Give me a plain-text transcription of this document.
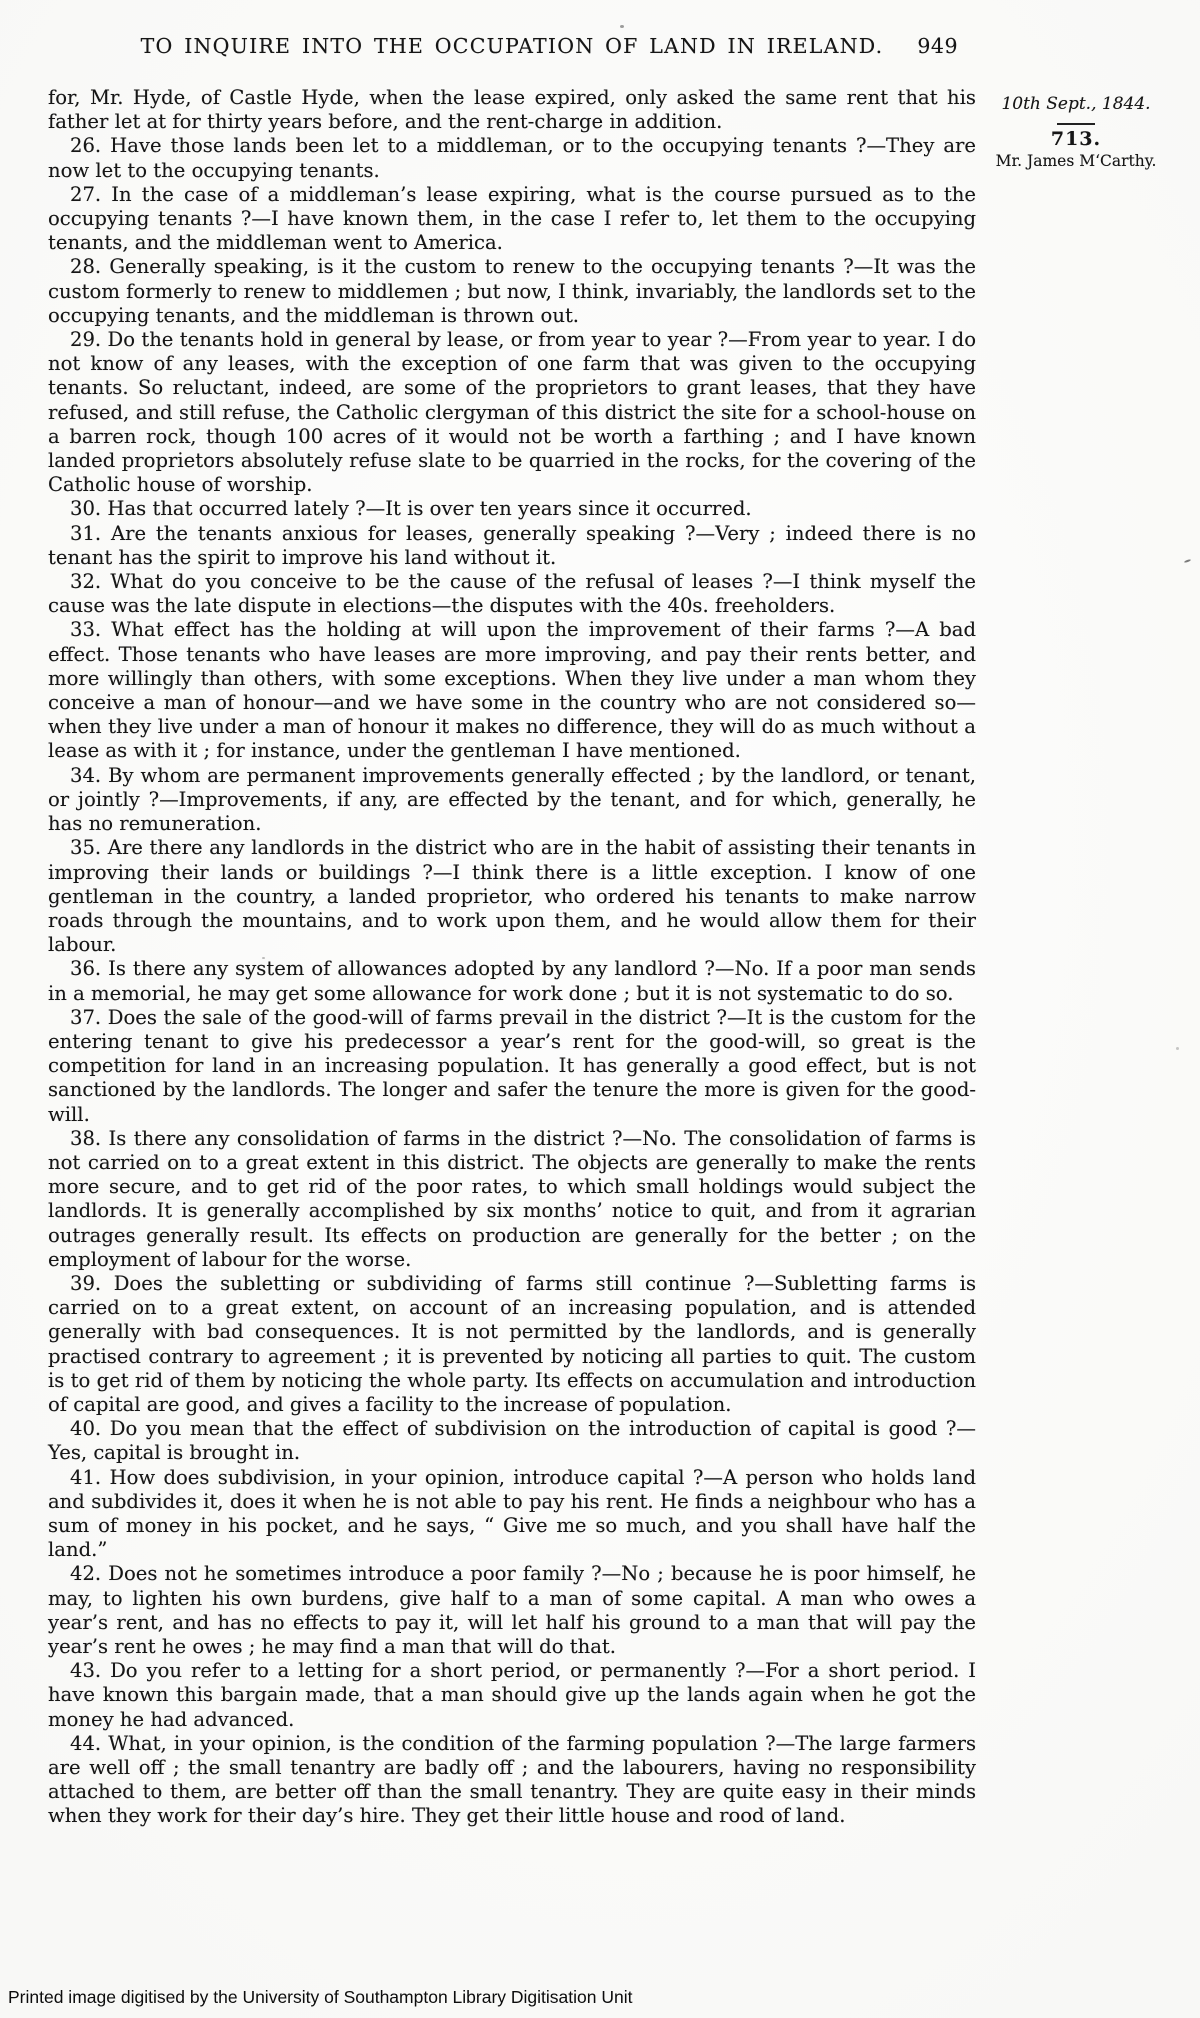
TO INQUIRE INTO THE OCCUPATION OF LAND IN IRELAND. 949
10th Sept., 1844.
713.
Mr. James M‘Carthy.

for, Mr. Hyde, of Castle Hyde, when the lease expired, only asked the same rent that his father let at for thirty years before, and the rent-charge in addition.

26. Have those lands been let to a middleman, or to the occupying tenants ?—They are now let to the occupying tenants.

27. In the case of a middleman’s lease expiring, what is the course pursued as to the occupying tenants ?—I have known them, in the case I refer to, let them to the occupying tenants, and the middleman went to America.

28. Generally speaking, is it the custom to renew to the occupying tenants ?—It was the custom formerly to renew to middlemen ; but now, I think, invariably, the landlords set to the occupying tenants, and the middleman is thrown out.

29. Do the tenants hold in general by lease, or from year to year ?—From year to year. I do not know of any leases, with the exception of one farm that was given to the occupying tenants. So reluctant, indeed, are some of the proprietors to grant leases, that they have refused, and still refuse, the Catholic clergyman of this district the site for a school-house on a barren rock, though 100 acres of it would not be worth a farthing ; and I have known landed proprietors absolutely refuse slate to be quarried in the rocks, for the covering of the Catholic house of worship.

30. Has that occurred lately ?—It is over ten years since it occurred.

31. Are the tenants anxious for leases, generally speaking ?—Very ; indeed there is no tenant has the spirit to improve his land without it.

32. What do you conceive to be the cause of the refusal of leases ?—I think myself the cause was the late dispute in elections—the disputes with the 40s. freeholders.

33. What effect has the holding at will upon the improvement of their farms ?—A bad effect. Those tenants who have leases are more improving, and pay their rents better, and more willingly than others, with some exceptions. When they live under a man whom they conceive a man of honour—and we have some in the country who are not considered so—when they live under a man of honour it makes no difference, they will do as much without a lease as with it ; for instance, under the gentleman I have mentioned.

34. By whom are permanent improvements generally effected ; by the landlord, or tenant, or jointly ?—Improvements, if any, are effected by the tenant, and for which, generally, he has no remuneration.

35. Are there any landlords in the district who are in the habit of assisting their tenants in improving their lands or buildings ?—I think there is a little exception. I know of one gentleman in the country, a landed proprietor, who ordered his tenants to make narrow roads through the mountains, and to work upon them, and he would allow them for their labour.

36. Is there any system of allowances adopted by any landlord ?—No. If a poor man sends in a memorial, he may get some allowance for work done ; but it is not systematic to do so.

37. Does the sale of the good-will of farms prevail in the district ?—It is the custom for the entering tenant to give his predecessor a year’s rent for the good-will, so great is the competition for land in an increasing population. It has generally a good effect, but is not sanctioned by the landlords. The longer and safer the tenure the more is given for the good-will.

38. Is there any consolidation of farms in the district ?—No. The consolidation of farms is not carried on to a great extent in this district. The objects are generally to make the rents more secure, and to get rid of the poor rates, to which small holdings would subject the landlords. It is generally accomplished by six months’ notice to quit, and from it agrarian outrages generally result. Its effects on production are generally for the better ; on the employment of labour for the worse.

39. Does the subletting or subdividing of farms still continue ?—Subletting farms is carried on to a great extent, on account of an increasing population, and is attended generally with bad consequences. It is not permitted by the landlords, and is generally practised contrary to agreement ; it is prevented by noticing all parties to quit. The custom is to get rid of them by noticing the whole party. Its effects on accumulation and introduction of capital are good, and gives a facility to the increase of population.

40. Do you mean that the effect of subdivision on the introduction of capital is good ?—Yes, capital is brought in.

41. How does subdivision, in your opinion, introduce capital ?—A person who holds land and subdivides it, does it when he is not able to pay his rent. He finds a neighbour who has a sum of money in his pocket, and he says, “ Give me so much, and you shall have half the land.”

42. Does not he sometimes introduce a poor family ?—No ; because he is poor himself, he may, to lighten his own burdens, give half to a man of some capital. A man who owes a year’s rent, and has no effects to pay it, will let half his ground to a man that will pay the year’s rent he owes ; he may find a man that will do that.

43. Do you refer to a letting for a short period, or permanently ?—For a short period. I have known this bargain made, that a man should give up the lands again when he got the money he had advanced.

44. What, in your opinion, is the condition of the farming population ?—The large farmers are well off ; the small tenantry are badly off ; and the labourers, having no responsibility attached to them, are better off than the small tenantry. They are quite easy in their minds when they work for their day’s hire. They get their little house and rood of land.

Printed image digitised by the University of Southampton Library Digitisation Unit
